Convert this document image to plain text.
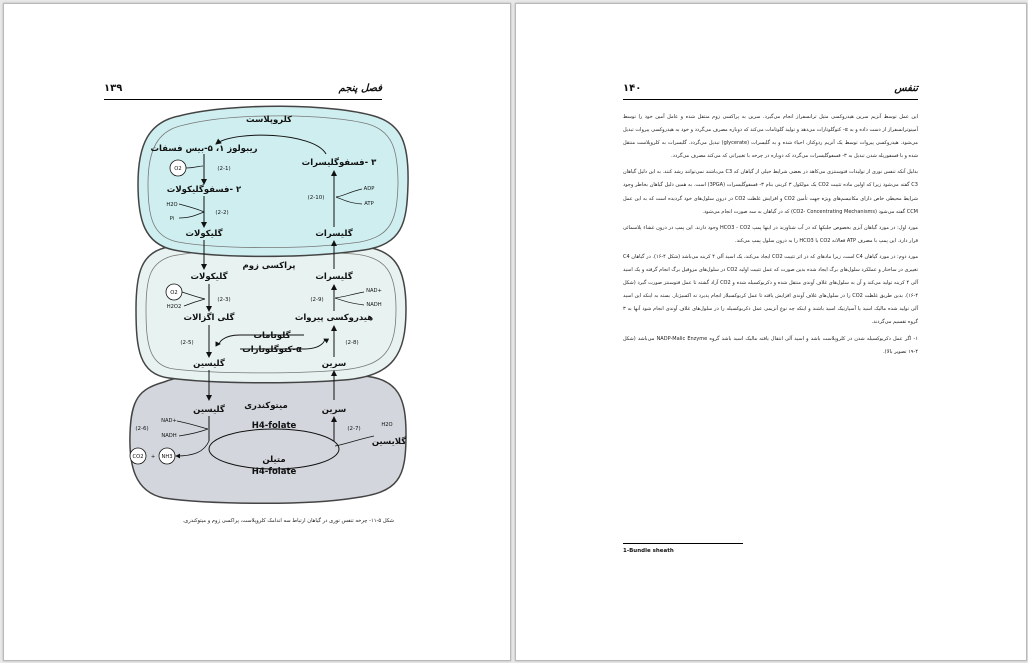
۱۳۹	فصل پنجم
کلروپلاست
پراکسی زوم
میتوکندری
ریبولوز ۱، ۵-بیس فسفات
۳ -فسفوگلیسرات
۲ -فسفوگلیکولات
گلیکولات	گلیسرات
O2	(2-1)
(2-2)
(2-10)
H2O
Pi
ADP
ATP
گلیکولات	گلیسرات
گلی اگزالات	هیدروکسی پیروات
گلوتامات
α-کتوگلوتارات
گلیسین	سرین
O2
H2O2
NAD+
NADH
(2-3)	(2-9)
(2-5)	(2-8)
گلیسین	سرین
H4-folate
متیلن
H4-folate
NAD+
NADH
(2-6)	(2-7)
CO2 + NH3
H2O
گلایسین
شکل ۵-۱۱- چرخه تنفس نوری در گیاهان ارتباط سه اندامک کلروپلاست، پراکسی زوم و میتوکندری.
۱۴۰	تنفس

این عمل توسط آنزیم سرین هیدروکسی متیل ترانسفراز انجام می‌گیرد. سرین به پراکسی زوم منتقل شده و عامل آمین خود را توسط آمینوترانسفراز از دست داده و به α- کتوگلوتارات می‌دهد و تولید گلوتامات می‌کند که دوباره مصرف می‌گردد و خود به هیدروکسی پیروات تبدیل می‌شود. هیدروکسی پیروات توسط یک آنزیم ردوکتاز، احیاء شده و به گلیسرات (glycerate) تبدیل می‌گردد. گلیسرات به کلروپلاست منتقل شده و با فسفوریله شدن تبدیل به ۳- فسفوگلیسرات می‌گردد که دوباره در چرخه با تغییراتی که می‌کند مصرف می‌گردد.

بدلیل آنکه تنفس نوری از تولیدات فتوسنتزی می‌کاهد در بعضی شرایط خیلی از گیاهان که C3 می‌باشند نمی‌توانند رشد کنند. به این دلیل گیاهان C3 گفته می‌شود زیرا که اولین ماده تثبیت CO2 یک مولکول ۳ کربنی بنام ۳- فسفوگلیسرات (3PGA) است. به همین دلیل گیاهان بخاطر وجود شرایط محیطی خاص دارای مکانیسم‌های ویژه جهت تأمین CO2 و افزایش غلظت CO2 در درون سلول‌های خود گردیده است که به این عمل CCM گفته می‌شود (CO2- Concentrating Mechanisms) که در گیاهان به سه صورت انجام می‌شود.

مورد اول: در مورد گیاهان آبزی بخصوص جلبکها که در آب شناورند در اینها پمپ HCO3 - CO2 وجود دارند. این پمپ در درون غشاء پلاسمائی قرار دارد. این پمپ با مصرف ATP فعالانه CO2 یا HCO3 را به درون سلول پمپ می‌کند.

مورد دوم: در مورد گیاهان C4 است، زیرا مادهای که در اثر تثبیت CO2 ایجاد می‌کند، یک اسید آلی ۴ کربنه می‌باشد (شکل ۴-۱۶). در گیاهان C4 تغییری در ساختار و عملکرد سلول‌های برگ ایجاد شده بدین صورت که عمل تثبیت اولیه CO2 در سلول‌های مزوفیل برگ انجام گرفته و یک اسید آلی ۴ کربنه تولید می‌کند و آن به سلول‌های غلاف آوندی منتقل شده و دکربوکسیله شده و CO2 آزاد گشته تا عمل فتوسنتز صورت گیرد (شکل ۴-۱۶). بدین طریق غلظت CO2 را در سلول‌های غلاف آوندی افزایش یافته تا عمل کربوکسیلاز انجام پذیرد نه اکسیژناز. بسته به اینکه این اسید آلی تولید شده مالیک اسید یا آسپارتیک اسید باشند و اینکه چه نوع آنزیمی عمل دکربوکسیله را در سلول‌های غلاف آوندی انجام شود آنها به ۳ گروه تقسیم می‌گردند.

۱- اگر عمل دکربوکسیله شدن در کلروپلاست باشد و اسید آلی انتقال یافته مالیک اسید باشد گروه NADP-Malic Enzyme می‌باشد (شکل ۴-۱۹ تصویر بالا).

1-Bundle sheath
